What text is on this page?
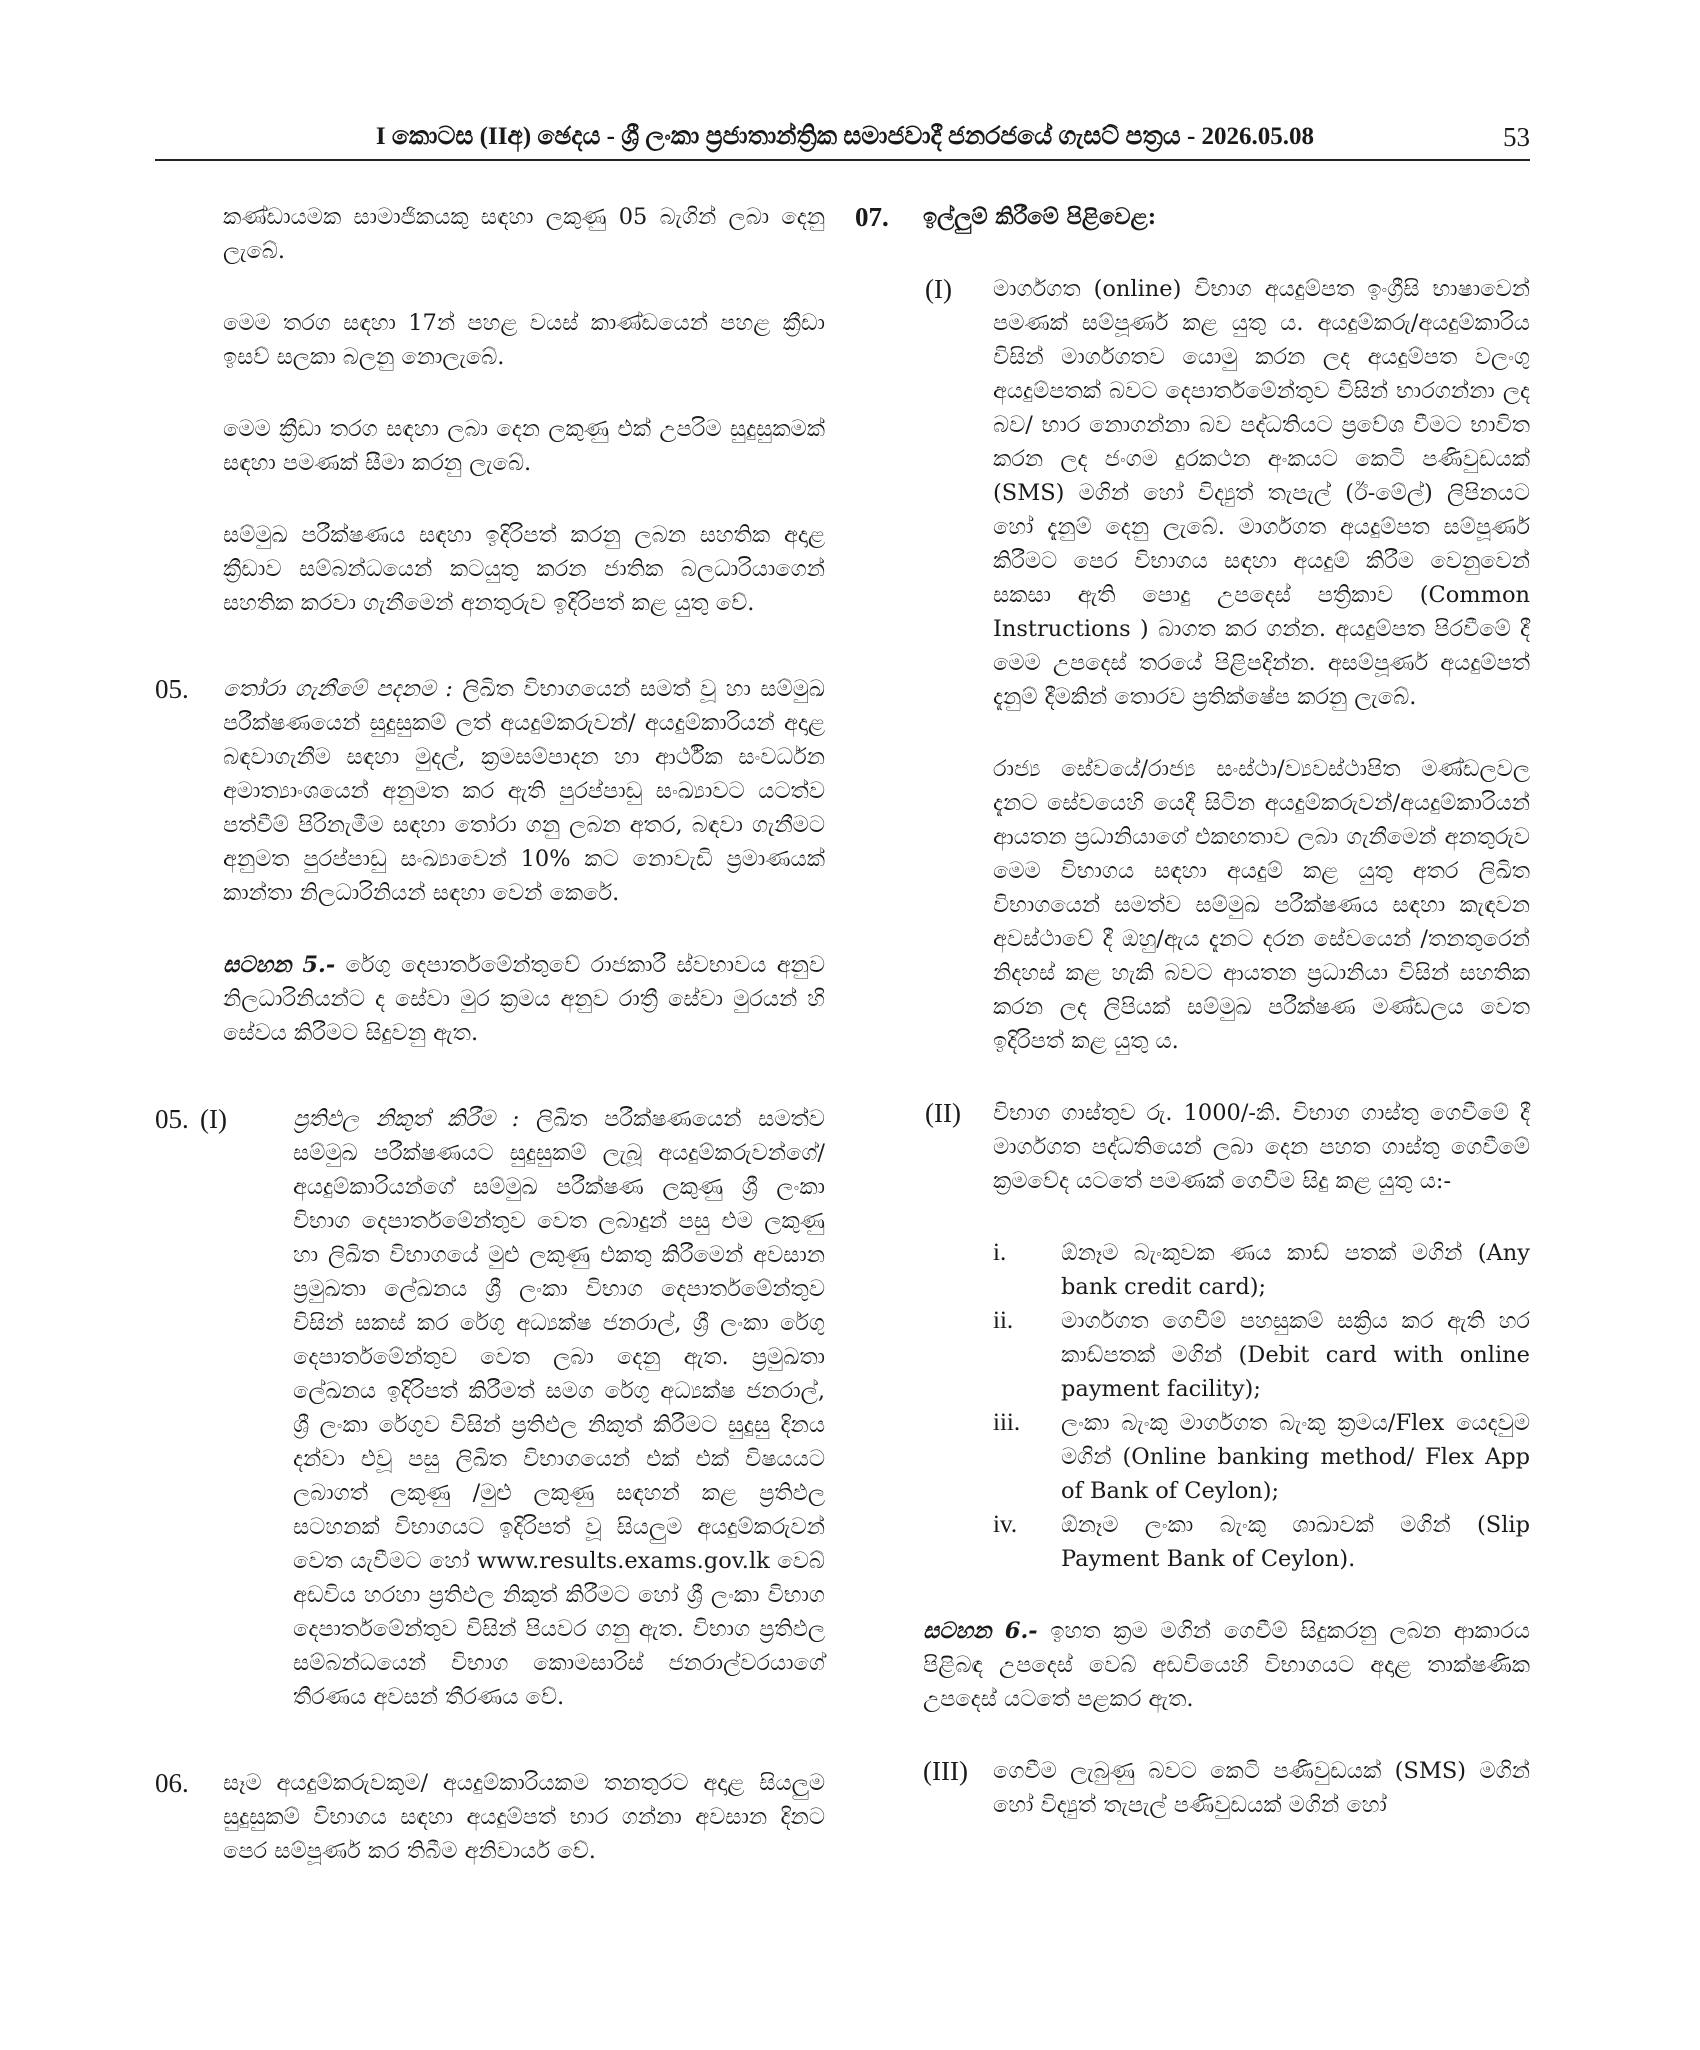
I කොටස (IIඅ) ඡෙදය - ශ්‍රී ලංකා ප්‍රජාතාන්ත්‍රික සමාජවාදී ජනරජයේ ගැසට් පත්‍රය - 2026.05.08	53

කණ්ඩායමක සාමාජිකයකු සඳහා ලකුණු 05 බැගින් ලබා දෙනු ලැබේ.

මෙම තරග සඳහා 17න් පහළ වයස් කාණ්ඩයෙන් පහළ ක්‍රීඩා ඉසව් සලකා බලනු නොලැබේ.

මෙම ක්‍රීඩා තරග සඳහා ලබා දෙන ලකුණු එක් උපරිම සුදුසුකමක් සඳහා පමණක් සීමා කරනු ලැබේ.

සම්මුඛ පරීක්ෂණය සඳහා ඉදිරිපත් කරනු ලබන සහතික අදාළ ක්‍රීඩාව සම්බන්ධයෙන් කටයුතු කරන ජාතික බලධාරියාගෙන් සහතික කරවා ගැනීමෙන් අනතුරුව ඉදිරිපත් කළ යුතු වේ.

05. තෝරා ගැනීමේ පදනම : ලිඛිත විභාගයෙන් සමත් වූ හා සම්මුඛ පරීක්ෂණයෙන් සුදුසුකම් ලත් අයදුම්කරුවන්/ අයදුම්කාරියන් අදාළ බඳවාගැනීම සඳහා මුදල්, ක්‍රමසම්පාදන හා ආර්ථික සංවර්ධන අමාත්‍යාංශයෙන් අනුමත කර ඇති පුරප්පාඩු සංඛ්‍යාවට යටත්ව පත්වීම් පිරිනැමීම සඳහා තෝරා ගනු ලබන අතර, බඳවා ගැනීමට අනුමත පුරප්පාඩු සංඛ්‍යාවෙන් 10% කට නොවැඩි ප්‍රමාණයක් කාන්තා නිලධාරිනියන් සඳහා වෙන් කෙරේ.

සටහන 5.- රේගු දෙපාර්තමේන්තුවේ රාජකාරී ස්වභාවය අනුව නිලධාරිනියන්ට ද සේවා මුර ක්‍රමය අනුව රාත්‍රී සේවා මුරයන් හි සේවය කිරීමට සිදුවනු ඇත.

05. (I)	ප්‍රතිඵල නිකුත් කිරීම : ලිඛිත පරීක්ෂණයෙන් සමත්ව සම්මුඛ පරීක්ෂණයට සුදුසුකම් ලැබූ අයදුම්කරුවන්ගේ/අයදුම්කාරියන්ගේ සම්මුඛ පරීක්ෂණ ලකුණු ශ්‍රී ලංකා විභාග දෙපාර්තමේන්තුව වෙත ලබාදුන් පසු එම ලකුණු හා ලිඛිත විභාගයේ මුළු ලකුණු එකතු කිරීමෙන් අවසාන ප්‍රමුඛතා ලේඛනය ශ්‍රී ලංකා විභාග දෙපාර්තමේන්තුව විසින් සකස් කර රේගු අධ්‍යක්ෂ ජනරාල්, ශ්‍රී ලංකා රේගු දෙපාර්තමේන්තුව වෙත ලබා දෙනු ඇත. ප්‍රමුඛතා ලේඛනය ඉදිරිපත් කිරීමත් සමග රේගු අධ්‍යක්ෂ ජනරාල්, ශ්‍රී ලංකා රේගුව විසින් ප්‍රතිඵල නිකුත් කිරීමට සුදුසු දිනය දන්වා එවූ පසු ලිඛිත විභාගයෙන් එක් එක් විෂයයට ලබාගත් ලකුණු /මුළු ලකුණු සඳහන් කළ ප්‍රතිඵල සටහනක් විභාගයට ඉදිරිපත් වූ සියලුම අයදුම්කරුවන් වෙත යැවීමට හෝ www.results.exams.gov.lk වෙබ් අඩවිය හරහා ප්‍රතිඵල නිකුත් කිරීමට හෝ ශ්‍රී ලංකා විභාග දෙපාර්තමේන්තුව විසින් පියවර ගනු ඇත. විභාග ප්‍රතිඵල සම්බන්ධයෙන් විභාග කොමසාරිස් ජනරාල්වරයාගේ තීරණය අවසන් තීරණය වේ.

06. සෑම අයදුම්කරුවකුම/ අයදුම්කාරියකම තනතුරට අදාළ සියලුම සුදුසුකම් විභාගය සඳහා අයදුම්පත් භාර ගන්නා අවසාන දිනට පෙර සම්පූර්ණ කර තිබීම අනිවාර්ය වේ.

07. ඉල්ලුම් කිරීමේ පිළිවෙළ:

(I) මාර්ගගත (online) විභාග අයදුම්පත ඉංග්‍රීසි භාෂාවෙන් පමණක් සම්පූර්ණ කළ යුතු ය. අයදුම්කරු/අයදුම්කාරිය විසින් මාර්ගගතව යොමු කරන ලද අයදුම්පත වලංගු අයදුම්පතක් බවට දෙපාර්තමේන්තුව විසින් භාරගන්නා ලද බව/ භාර නොගන්නා බව පද්ධතියට ප්‍රවේශ වීමට භාවිත කරන ලද ජංගම දුරකථන අංකයට කෙටි පණිවුඩයක් (SMS) මගින් හෝ විද්‍යුත් තැපැල් (ඊ-මේල්) ලිපිනයට හෝ දැනුම් දෙනු ලැබේ. මාර්ගගත අයදුම්පත සම්පූර්ණ කිරීමට පෙර විභාගය සඳහා අයදුම් කිරීම වෙනුවෙන් සකසා ඇති පොදු උපදෙස් පත්‍රිකාව (Common Instructions ) බාගත කර ගන්න. අයදුම්පත පිරවීමේ දී මෙම උපදෙස් තරයේ පිළිපදින්න. අසම්පූර්ණ අයදුම්පත් දැනුම් දීමකින් තොරව ප්‍රතික්ෂේප කරනු ලැබේ.

රාජ්‍ය සේවයේ/රාජ්‍ය සංස්ථා/ව්‍යවස්ථාපිත මණ්ඩලවල දැනට සේවයෙහි යෙදී සිටින අයදුම්කරුවන්/අයදුම්කාරියන් ආයතන ප්‍රධානියාගේ එකඟතාව ලබා ගැනීමෙන් අනතුරුව මෙම විභාගය සඳහා අයදුම් කළ යුතු අතර ලිඛිත විභාගයෙන් සමත්ව සම්මුඛ පරීක්ෂණය සඳහා කැඳවන අවස්ථාවේ දී ඔහු/ඇය දැනට දරන සේවයෙන් /තනතුරෙන් නිදහස් කළ හැකි බවට ආයතන ප්‍රධානියා විසින් සහතික කරන ලද ලිපියක් සම්මුඛ පරීක්ෂණ මණ්ඩලය වෙත ඉදිරිපත් කළ යුතු ය.

(II) විභාග ගාස්තුව රු. 1000/-කි. විභාග ගාස්තු ගෙවීමේ දී මාර්ගගත පද්ධතියෙන් ලබා දෙන පහත ගාස්තු ගෙවීමේ ක්‍රමවේද යටතේ පමණක් ගෙවීම සිදු කළ යුතු ය:-

i. ඕනෑම බැංකුවක ණය කාඩ් පතක් මගින් (Any bank credit card);

ii. මාර්ගගත ගෙවීම් පහසුකම් සක්‍රිය කර ඇති හර කාඩ්පතක් මගින් (Debit card with online payment facility);

iii. ලංකා බැංකු මාර්ගගත බැංකු ක්‍රමය/Flex යෙදවුම මගින් (Online banking method/ Flex App of Bank of Ceylon);

iv. ඕනෑම ලංකා බැංකු ශාඛාවක් මගින් (Slip Payment Bank of Ceylon).

සටහන 6.- ඉහත ක්‍රම මගින් ගෙවීම් සිදුකරනු ලබන ආකාරය පිළිබඳ උපදෙස් වෙබ් අඩවියෙහි විභාගයට අදාළ තාක්ෂණික උපදෙස් යටතේ පළකර ඇත.

(III) ගෙවීම ලැබුණු බවට කෙටි පණිවුඩයක් (SMS) මගින් හෝ විද්‍යුත් තැපැල් පණිවුඩයක් මගින් හෝ
